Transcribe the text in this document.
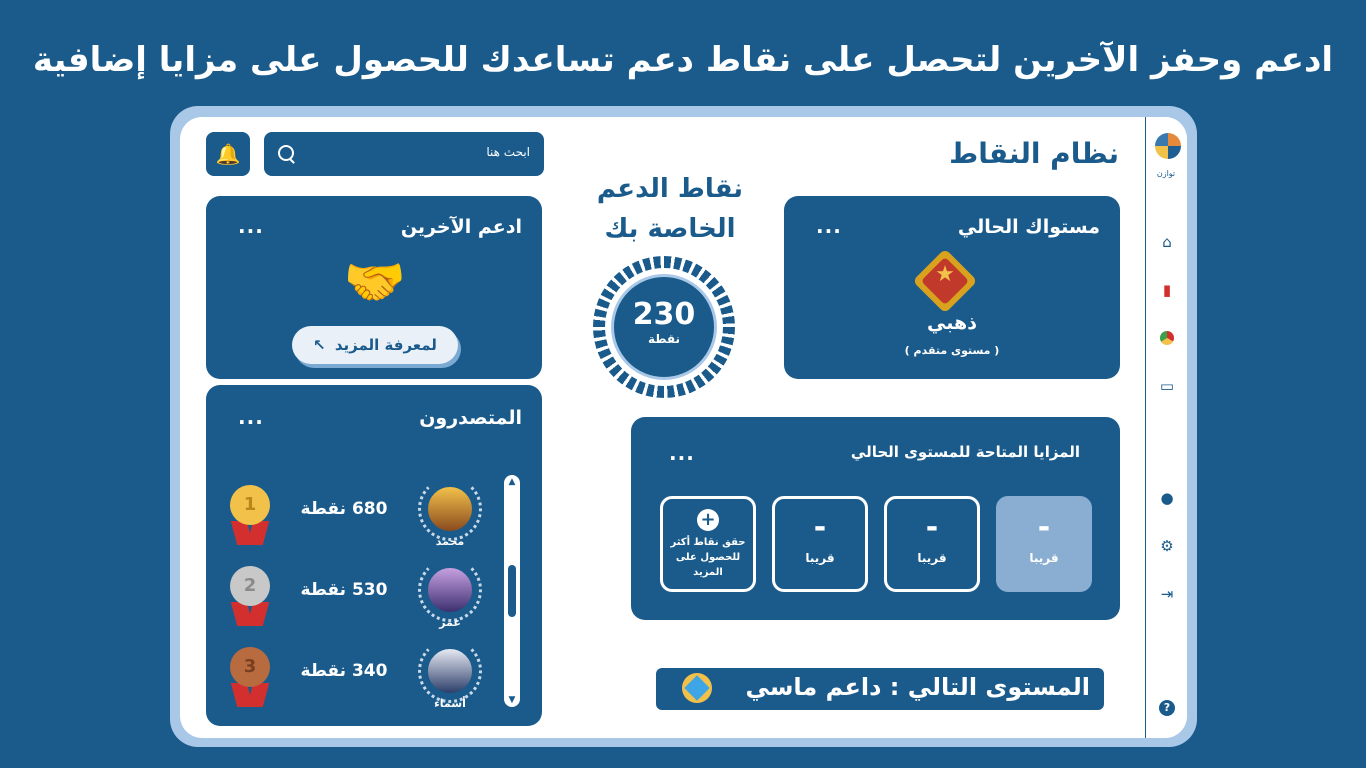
ادعم وحفز الآخرين لتحصل على نقاط دعم تساعدك للحصول على مزايا إضافية
توازن
⌂
▮
▭
●
⚙
⇥
?
نظام النقاط
ابحث هنا
🔔
مستواك الحالي
...
★
ذهبي
( مستوى متقدم )
نقاط الدعم الخاصة بك
230
نقطة
ادعم الآخرين
...
🤝
لمعرفة المزيد ↖
المتصدرون
...
1	680 نقطة
محمد
2	530 نقطة
عمر
3	340 نقطة
أسماء
▲
▼
المزايا المتاحة للمستوى الحالي
...
-
قريبا
-
قريبا
-
قريبا
+
حقق نقاط أكثر للحصول على المزيد
المستوى التالي : داعم ماسي
